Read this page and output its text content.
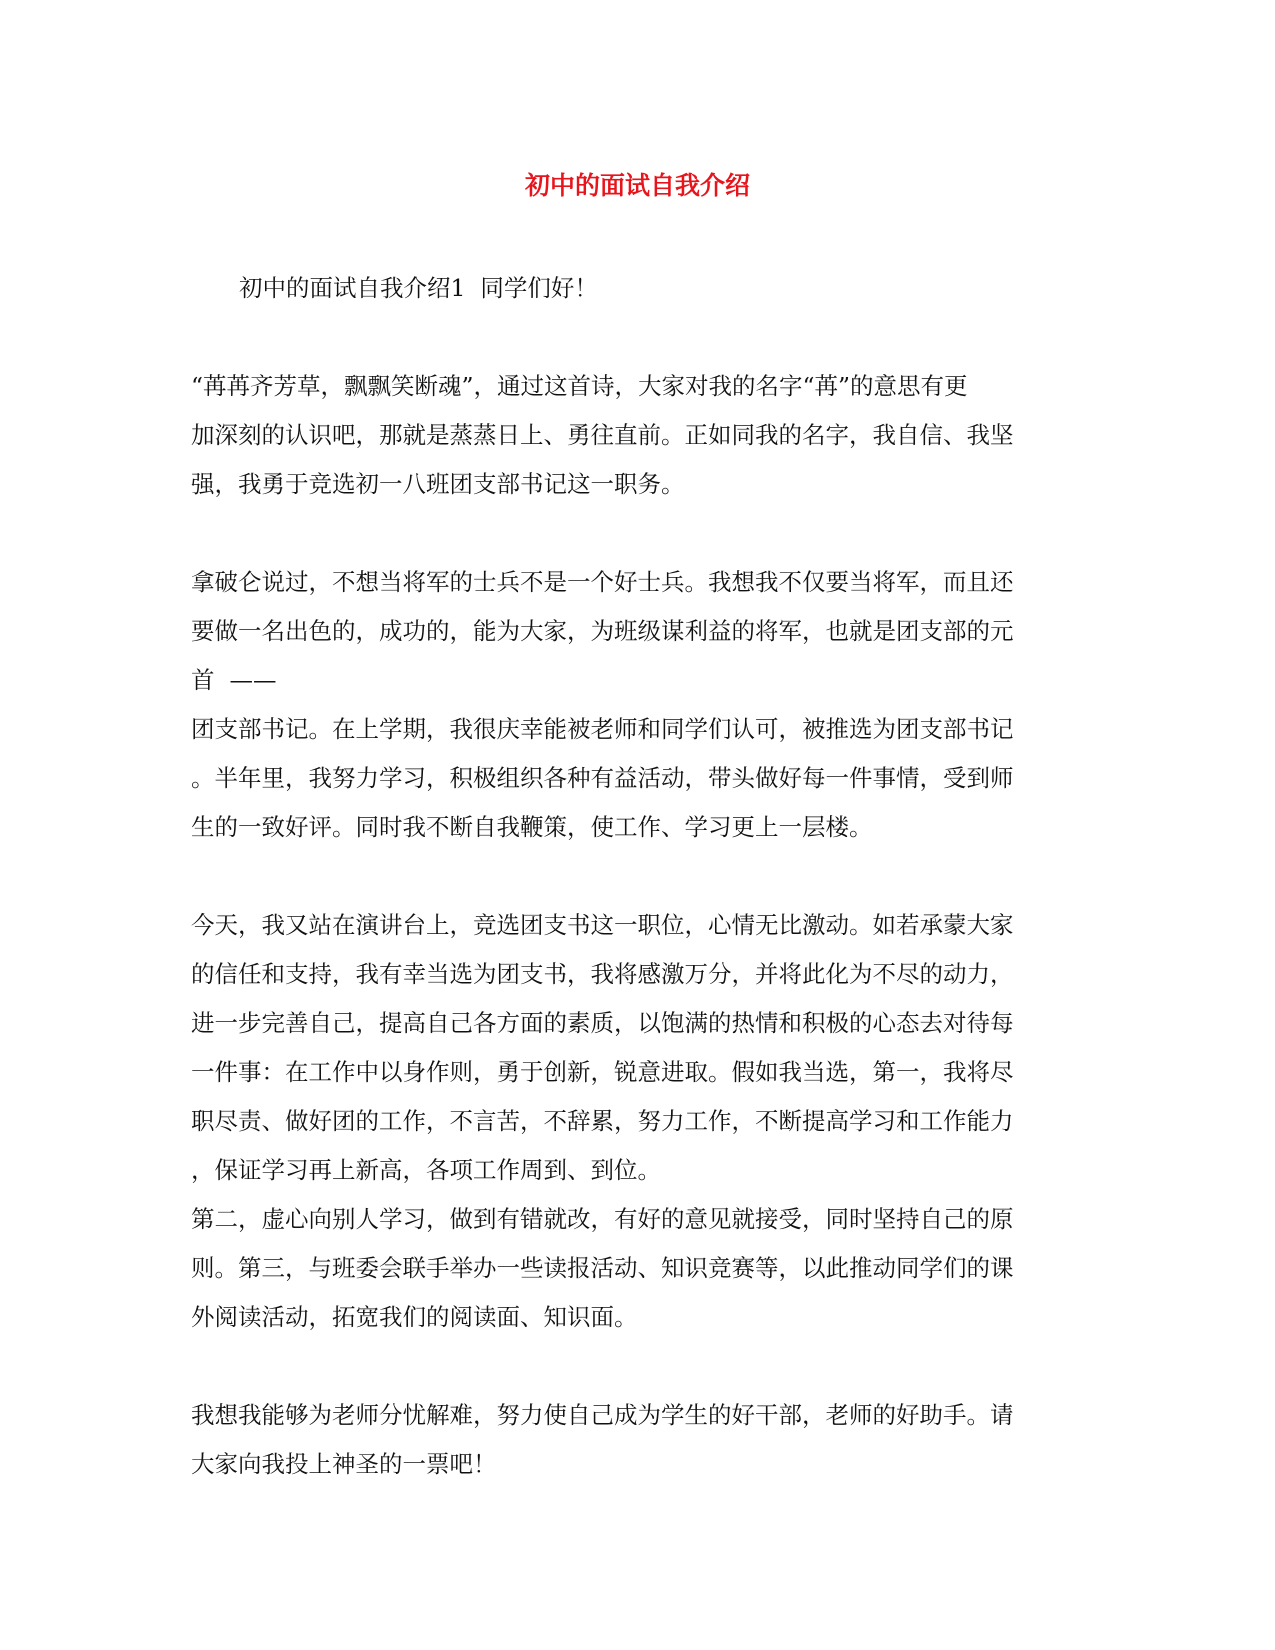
初中的面试自我介绍
初中的面试自我介绍1  同学们好！
“苒苒齐芳草，飘飘笑断魂”，通过这首诗，大家对我的名字“苒”的意思有更
加深刻的认识吧，那就是蒸蒸日上、勇往直前。正如同我的名字，我自信、我坚
强，我勇于竞选初一八班团支部书记这一职务。
拿破仑说过，不想当将军的士兵不是一个好士兵。我想我不仅要当将军，而且还
要做一名出色的，成功的，能为大家，为班级谋利益的将军，也就是团支部的元
首  ——
团支部书记。在上学期，我很庆幸能被老师和同学们认可，被推选为团支部书记
。半年里，我努力学习，积极组织各种有益活动，带头做好每一件事情，受到师
生的一致好评。同时我不断自我鞭策，使工作、学习更上一层楼。
今天，我又站在演讲台上，竞选团支书这一职位，心情无比激动。如若承蒙大家
的信任和支持，我有幸当选为团支书，我将感激万分，并将此化为不尽的动力，
进一步完善自己，提高自己各方面的素质，以饱满的热情和积极的心态去对待每
一件事：在工作中以身作则，勇于创新，锐意进取。假如我当选，第一，我将尽
职尽责、做好团的工作，不言苦，不辞累，努力工作，不断提高学习和工作能力
，保证学习再上新高，各项工作周到、到位。
第二，虚心向别人学习，做到有错就改，有好的意见就接受，同时坚持自己的原
则。第三，与班委会联手举办一些读报活动、知识竞赛等，以此推动同学们的课
外阅读活动，拓宽我们的阅读面、知识面。
我想我能够为老师分忧解难，努力使自己成为学生的好干部，老师的好助手。请
大家向我投上神圣的一票吧！
